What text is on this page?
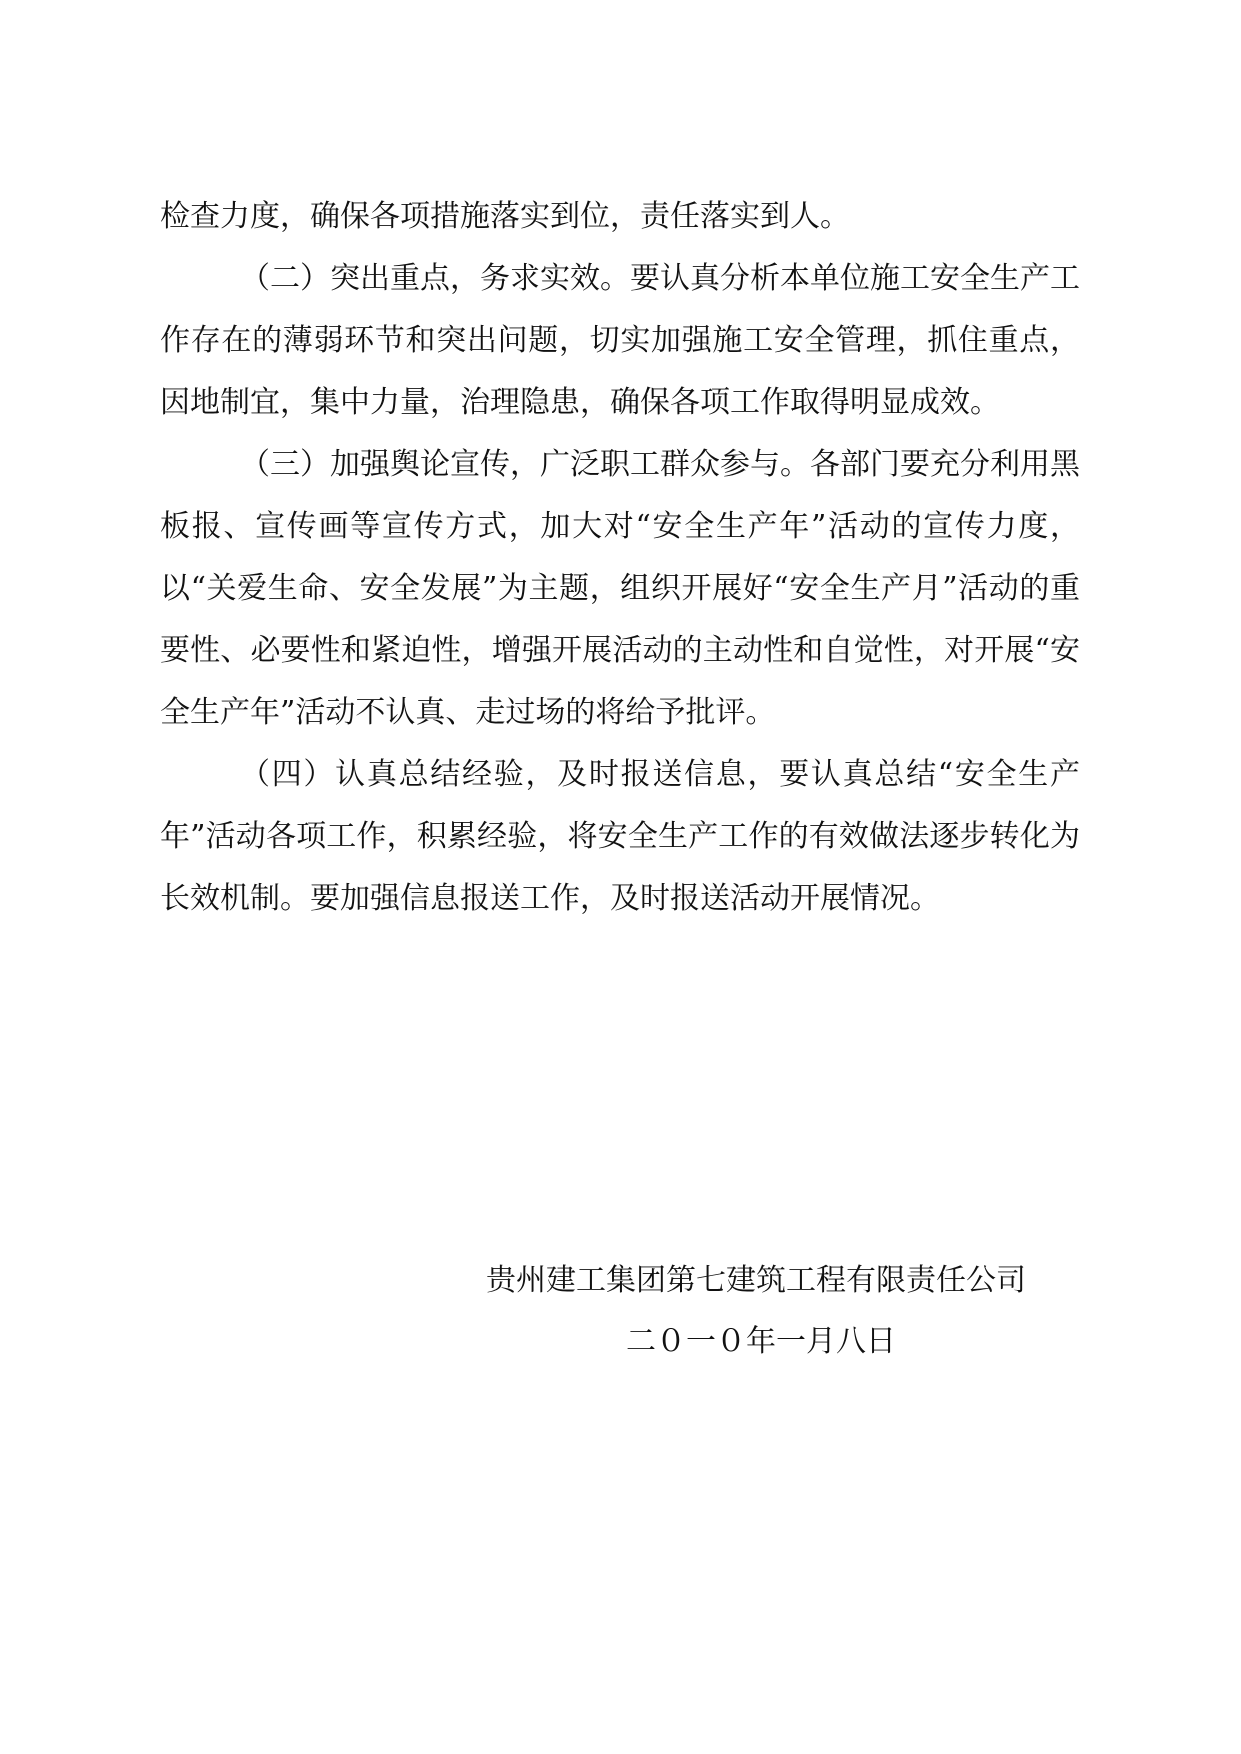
检查力度，确保各项措施落实到位，责任落实到人。

（二）突出重点，务求实效。要认真分析本单位施工安全生产工作存在的薄弱环节和突出问题，切实加强施工安全管理，抓住重点，因地制宜，集中力量，治理隐患，确保各项工作取得明显成效。

（三）加强舆论宣传，广泛职工群众参与。各部门要充分利用黑板报、宣传画等宣传方式，加大对“安全生产年”活动的宣传力度，以“关爱生命、安全发展”为主题，组织开展好“安全生产月”活动的重要性、必要性和紧迫性，增强开展活动的主动性和自觉性，对开展“安全生产年”活动不认真、走过场的将给予批评。

（四）认真总结经验，及时报送信息，要认真总结“安全生产年”活动各项工作，积累经验，将安全生产工作的有效做法逐步转化为长效机制。要加强信息报送工作，及时报送活动开展情况。

贵州建工集团第七建筑工程有限责任公司
二０一０年一月八日
